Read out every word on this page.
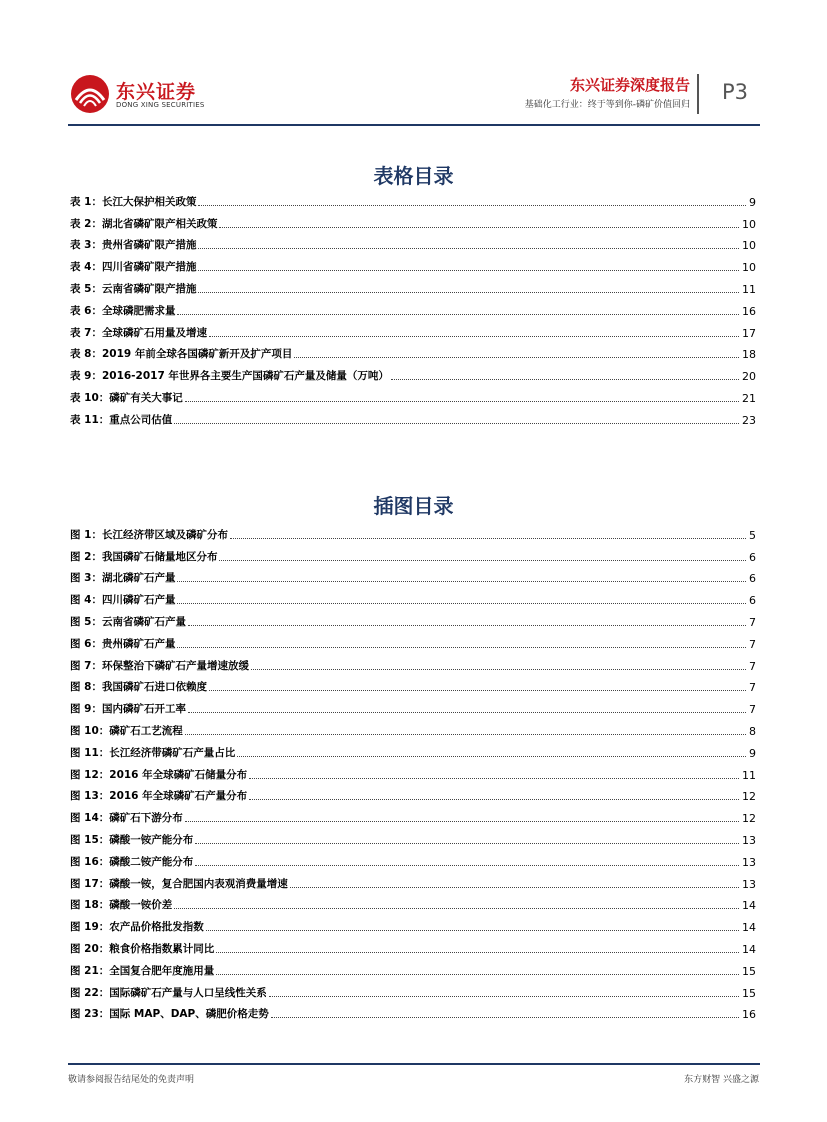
东兴证券
DONG XING SECURITIES
东兴证券深度报告
基础化工行业：终于等到你-磷矿价值回归
P3
表格目录
表 1：长江大保护相关政策	9
表 2：湖北省磷矿限产相关政策	10
表 3：贵州省磷矿限产措施	10
表 4：四川省磷矿限产措施	10
表 5：云南省磷矿限产措施	11
表 6：全球磷肥需求量	16
表 7：全球磷矿石用量及增速	17
表 8：2019 年前全球各国磷矿新开及扩产项目	18
表 9：2016-2017 年世界各主要生产国磷矿石产量及储量（万吨）	20
表 10：磷矿有关大事记	21
表 11：重点公司估值	23
插图目录
图 1：长江经济带区域及磷矿分布	5
图 2：我国磷矿石储量地区分布	6
图 3：湖北磷矿石产量	6
图 4：四川磷矿石产量	6
图 5：云南省磷矿石产量	7
图 6：贵州磷矿石产量	7
图 7：环保整治下磷矿石产量增速放缓	7
图 8：我国磷矿石进口依赖度	7
图 9：国内磷矿石开工率	7
图 10：磷矿石工艺流程	8
图 11：长江经济带磷矿石产量占比	9
图 12：2016 年全球磷矿石储量分布	11
图 13：2016 年全球磷矿石产量分布	12
图 14：磷矿石下游分布	12
图 15：磷酸一铵产能分布	13
图 16：磷酸二铵产能分布	13
图 17：磷酸一铵，复合肥国内表观消费量增速	13
图 18：磷酸一铵价差	14
图 19：农产品价格批发指数	14
图 20：粮食价格指数累计同比	14
图 21：全国复合肥年度施用量	15
图 22：国际磷矿石产量与人口呈线性关系	15
图 23：国际 MAP、DAP、磷肥价格走势	16
敬请参阅报告结尾处的免责声明	东方财智 兴盛之源
